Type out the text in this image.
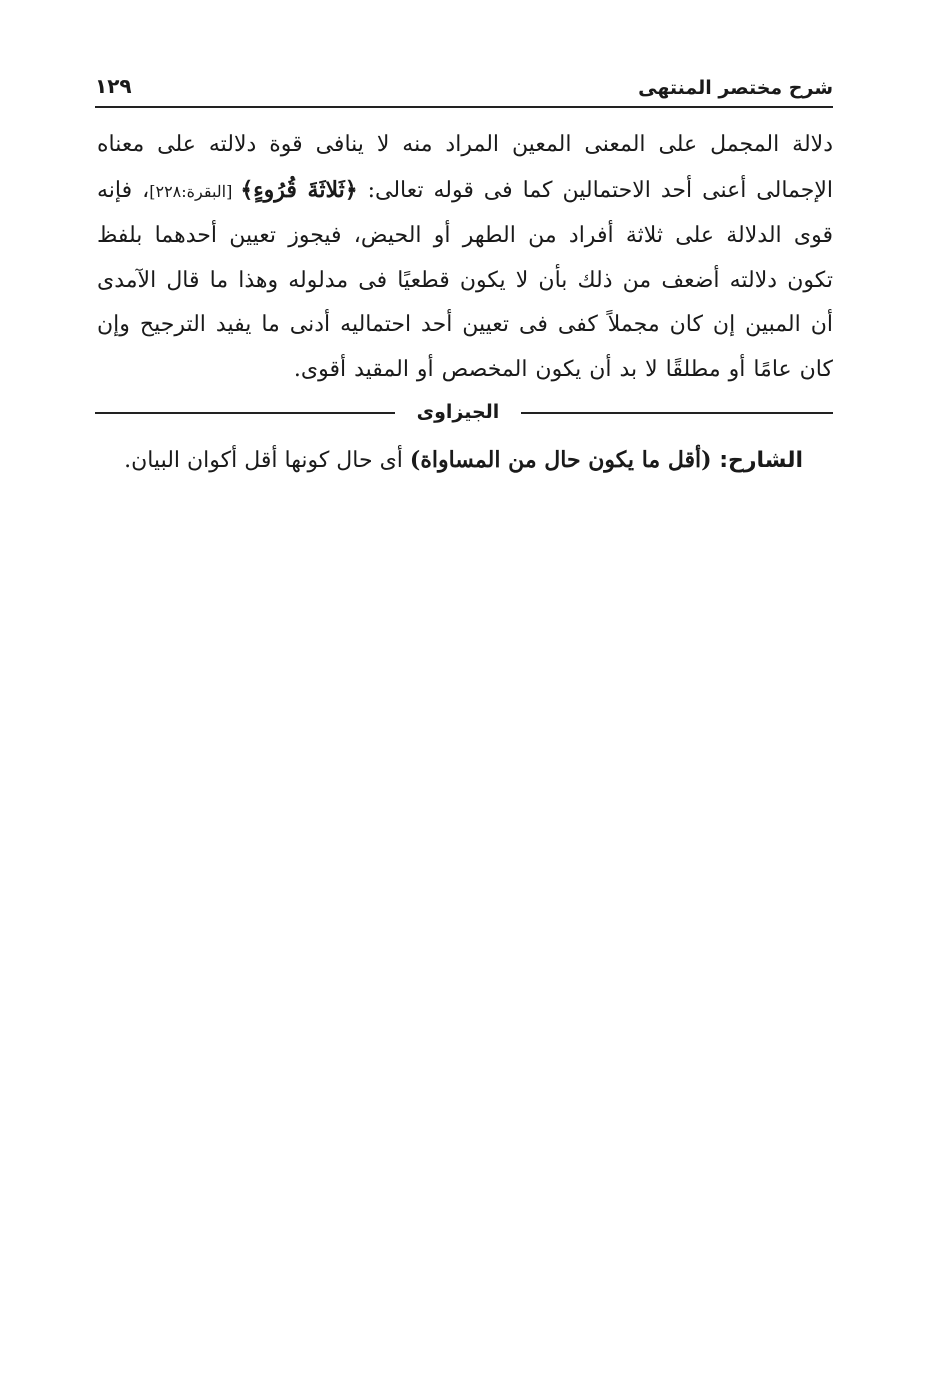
شرح مختصر المنتهى
١٢٩
دلالة المجمل على المعنى المعين المراد منه لا ينافى قوة دلالته على معناه الإجمالى أعنى أحد الاحتمالين كما فى قوله تعالى: ﴿ثَلاثَةَ قُرُوءٍ﴾ [البقرة:٢٢٨]، فإنه قوى الدلالة على ثلاثة أفراد من الطهر أو الحيض، فيجوز تعيين أحدهما بلفظ تكون دلالته أضعف من ذلك بأن لا يكون قطعيًا فى مدلوله وهذا ما قال الآمدى أن المبين إن كان مجملاً كفى فى تعيين أحد احتماليه أدنى ما يفيد الترجيح وإن كان عامًا أو مطلقًا لا بد أن يكون المخصص أو المقيد أقوى.
الجيزاوى
الشارح: (أقل ما يكون حال من المساواة) أى حال كونها أقل أكوان البيان.
